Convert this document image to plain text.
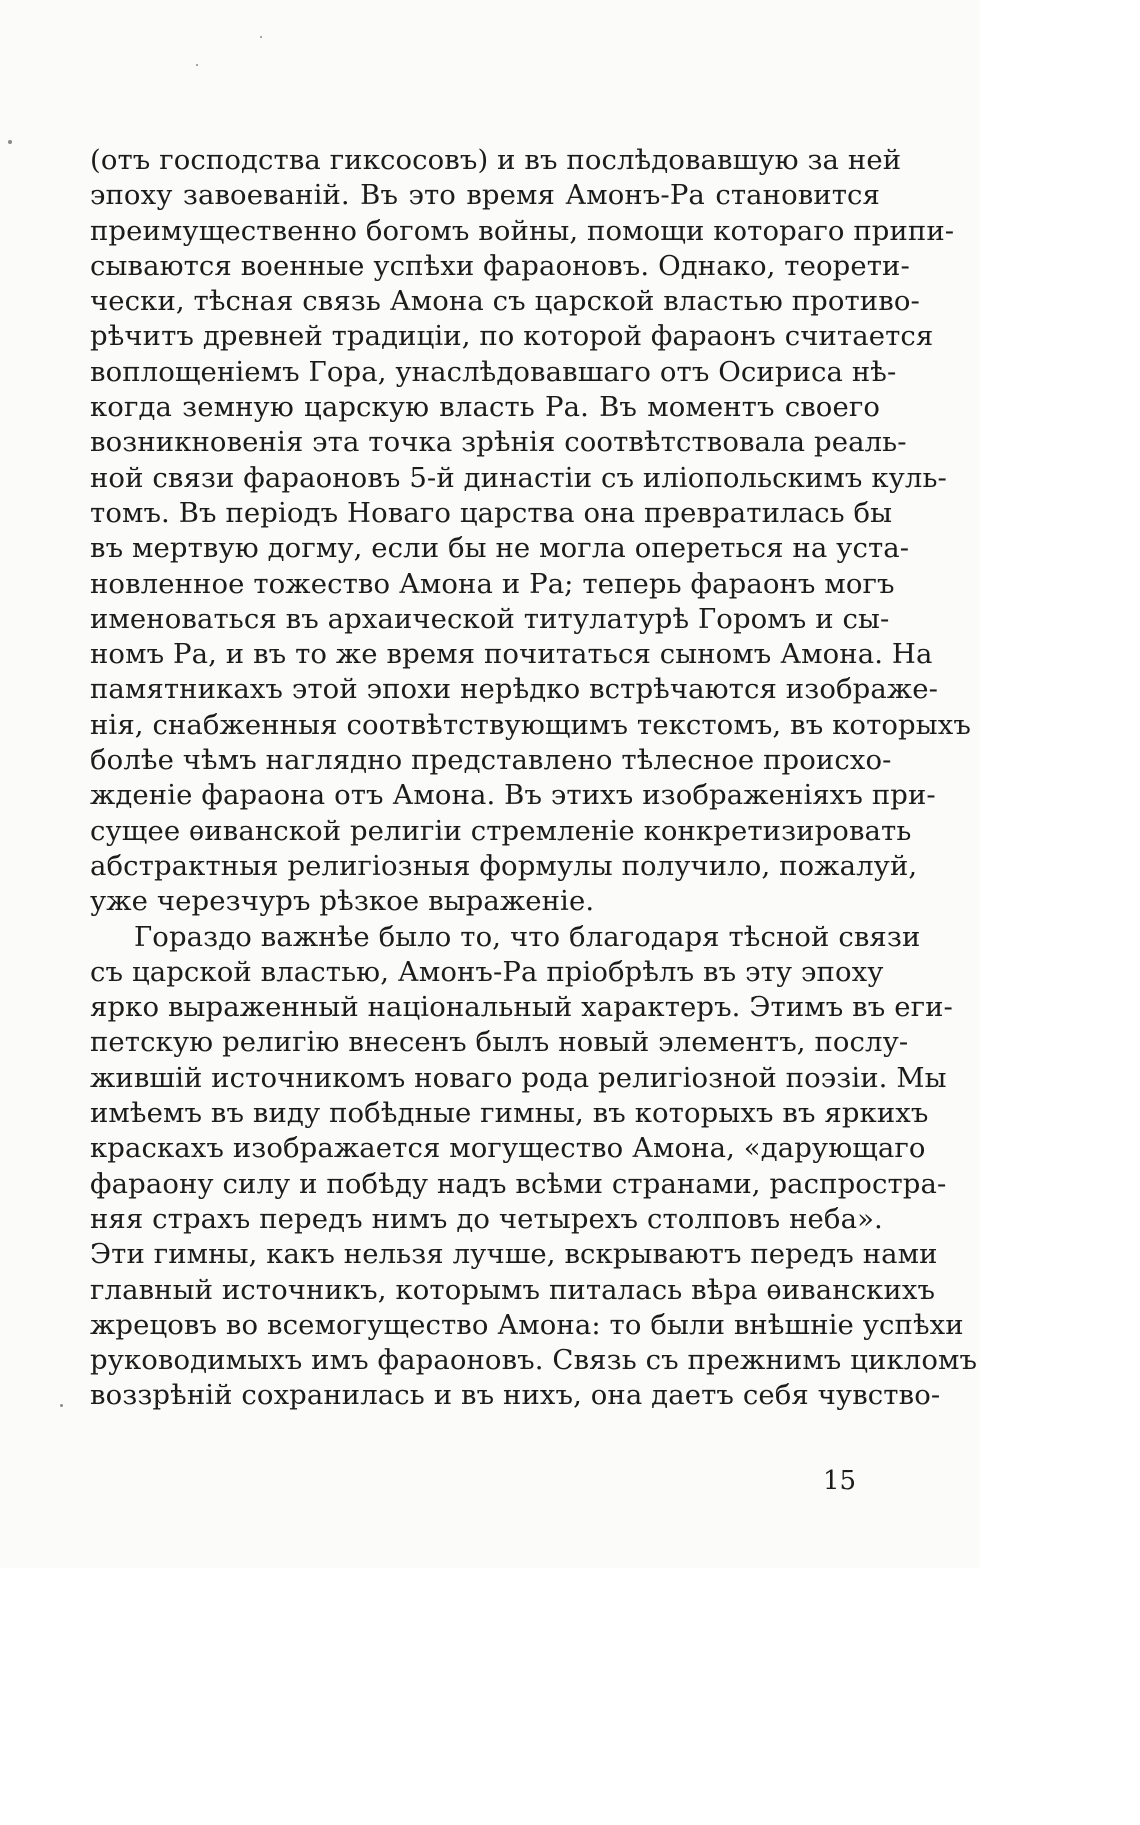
(отъ господства гиксосовъ) и въ послѣдовавшую за ней
эпоху завоеваній. Въ это время Амонъ-Ра становится
преимущественно богомъ войны, помощи котораго припи-
сываются военные успѣхи фараоновъ. Однако, теорети-
чески, тѣсная связь Амона съ царской властью противо-
рѣчитъ древней традиціи, по которой фараонъ считается
воплощеніемъ Гора, унаслѣдовавшаго отъ Осириса нѣ-
когда земную царскую власть Ра. Въ моментъ своего
возникновенія эта точка зрѣнія соотвѣтствовала реаль-
ной связи фараоновъ 5-й династіи съ иліопольскимъ куль-
томъ. Въ періодъ Новаго царства она превратилась бы
въ мертвую догму, если бы не могла опереться на уста-
новленное тожество Амона и Ра; теперь фараонъ могъ
именоваться въ архаической титулатурѣ Горомъ и сы-
номъ Ра, и въ то же время почитаться сыномъ Амона. На
памятникахъ этой эпохи нерѣдко встрѣчаются изображе-
нія, снабженныя соотвѣтствующимъ текстомъ, въ которыхъ
болѣе чѣмъ наглядно представлено тѣлесное происхо-
жденіе фараона отъ Амона. Въ этихъ изображеніяхъ при-
сущее ѳиванской религіи стремленіе конкретизировать
абстрактныя религіозныя формулы получило, пожалуй,
уже черезчуръ рѣзкое выраженіе.
Гораздо важнѣе было то, что благодаря тѣсной связи
съ царской властью, Амонъ-Ра пріобрѣлъ въ эту эпоху
ярко выраженный національный характеръ. Этимъ въ еги-
петскую религію внесенъ былъ новый элементъ, послу-
жившій источникомъ новаго рода религіозной поэзіи. Мы
имѣемъ въ виду побѣдные гимны, въ которыхъ въ яркихъ
краскахъ изображается могущество Амона, «дарующаго
фараону силу и побѣду надъ всѣми странами, распростра-
няя страхъ передъ нимъ до четырехъ столповъ неба».
Эти гимны, какъ нельзя лучше, вскрываютъ передъ нами
главный источникъ, которымъ питалась вѣра ѳиванскихъ
жрецовъ во всемогущество Амона: то были внѣшніе успѣхи
руководимыхъ имъ фараоновъ. Связь съ прежнимъ цикломъ
воззрѣній сохранилась и въ нихъ, она даетъ себя чувство-
15
